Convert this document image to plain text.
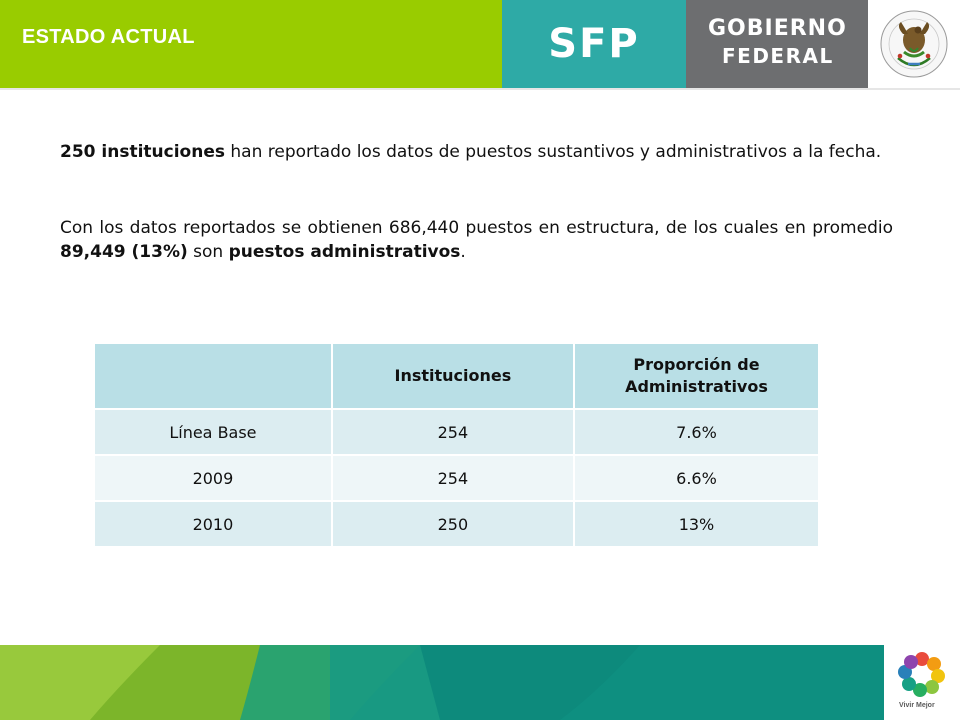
ESTADO ACTUAL	SFP	GOBIERNO
FEDERAL
250 instituciones han reportado los datos de puestos sustantivos y administrativos a la fecha.
Con los datos reportados se obtienen 686,440 puestos en estructura, de los cuales en promedio 89,449 (13%) son puestos administrativos.
	Instituciones	Proporción de Administrativos
Línea Base	254	7.6%
2009	254	6.6%
2010	250	13%
Vivir Mejor
